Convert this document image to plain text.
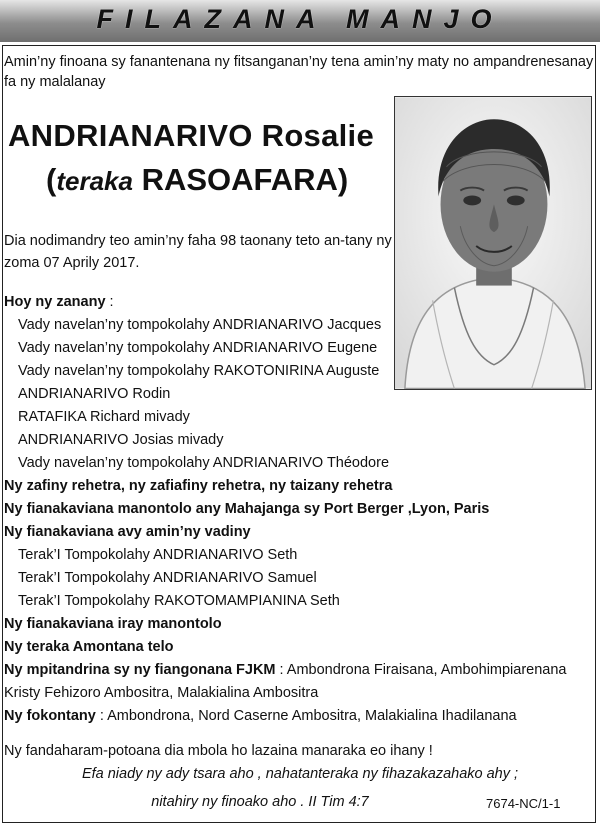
FILAZANA MANJO
Amin’ny finoana sy fanantenana ny fitsanganan’ny tena amin’ny maty no ampandrenesanay fa ny malalanay
ANDRIANARIVO Rosalie
(teraka RASOAFARA)
Dia nodimandry teo amin’ny faha 98 taonany teto an-tany ny zoma 07 Aprily 2017.
Hoy ny zanany :
Vady navelan’ny tompokolahy ANDRIANARIVO Jacques
Vady navelan’ny tompokolahy ANDRIANARIVO Eugene
Vady navelan’ny tompokolahy RAKOTONIRINA Auguste
ANDRIANARIVO Rodin
RATAFIKA Richard mivady
ANDRIANARIVO Josias mivady
Vady navelan’ny tompokolahy ANDRIANARIVO Théodore
Ny zafiny rehetra, ny zafiafiny rehetra, ny taizany rehetra
Ny fianakaviana manontolo any Mahajanga sy Port Berger ,Lyon, Paris
Ny fianakaviana avy amin’ny vadiny
Terak’I Tompokolahy ANDRIANARIVO Seth
Terak’I Tompokolahy ANDRIANARIVO Samuel
Terak’I Tompokolahy RAKOTOMAMPIANINA Seth
Ny fianakaviana iray manontolo
Ny teraka Amontana telo
Ny mpitandrina sy ny fiangonana FJKM : Ambondrona Firaisana, Ambohimpiarenana
Kristy Fehizoro Ambositra, Malakialina Ambositra
Ny fokontany : Ambondrona, Nord Caserne Ambositra, Malakialina Ihadilanana
Ny fandaharam-potoana dia mbola ho lazaina manaraka eo ihany !
Efa niady ny ady tsara aho , nahatanteraka ny fihazakazahako ahy ;
nitahiry ny finoako aho . II Tim 4:7	7674-NC/1-1
